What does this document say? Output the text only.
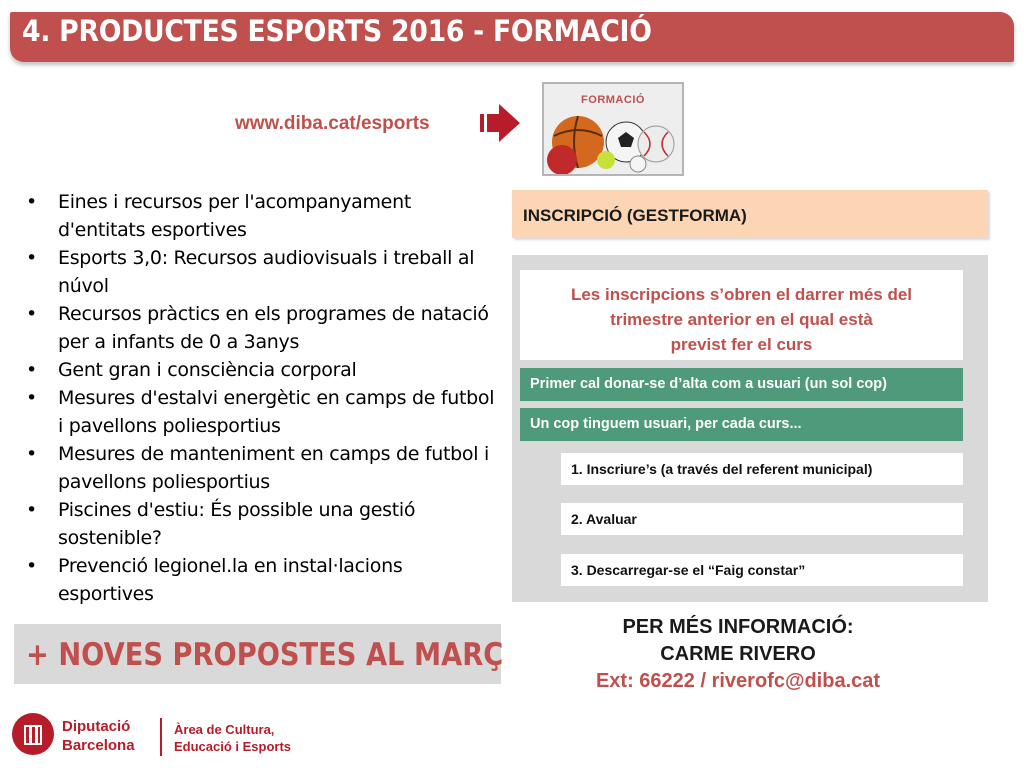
4. PRODUCTES ESPORTS 2016 - FORMACIÓ
www.diba.cat/esports
FORMACIÓ
• Eines i recursos per l'acompanyament d'entitats esportives
• Esports 3,0: Recursos audiovisuals i treball al núvol
• Recursos pràctics en els programes de natació per a infants de 0 a 3anys
• Gent gran i consciència corporal
• Mesures d'estalvi energètic en camps de futbol i pavellons poliesportius
• Mesures de manteniment en camps de futbol i pavellons poliesportius
• Piscines d'estiu: És possible una gestió sostenible?
• Prevenció legionel.la en instal·lacions esportives
+ NOVES PROPOSTES AL MARÇ
INSCRIPCIÓ (GESTFORMA)
Les inscripcions s’obren el darrer més del
trimestre anterior en el qual està
previst fer el curs
Primer cal donar-se d’alta com a usuari (un sol cop)
Un cop tinguem usuari, per cada curs...
1. Inscriure’s (a través del referent municipal)
2. Avaluar
3. Descarregar-se el “Faig constar”
PER MÉS INFORMACIÓ:
CARME RIVERO
Ext: 66222 / riverofc@diba.cat
Diputació
Barcelona
Àrea de Cultura,
Educació i Esports
